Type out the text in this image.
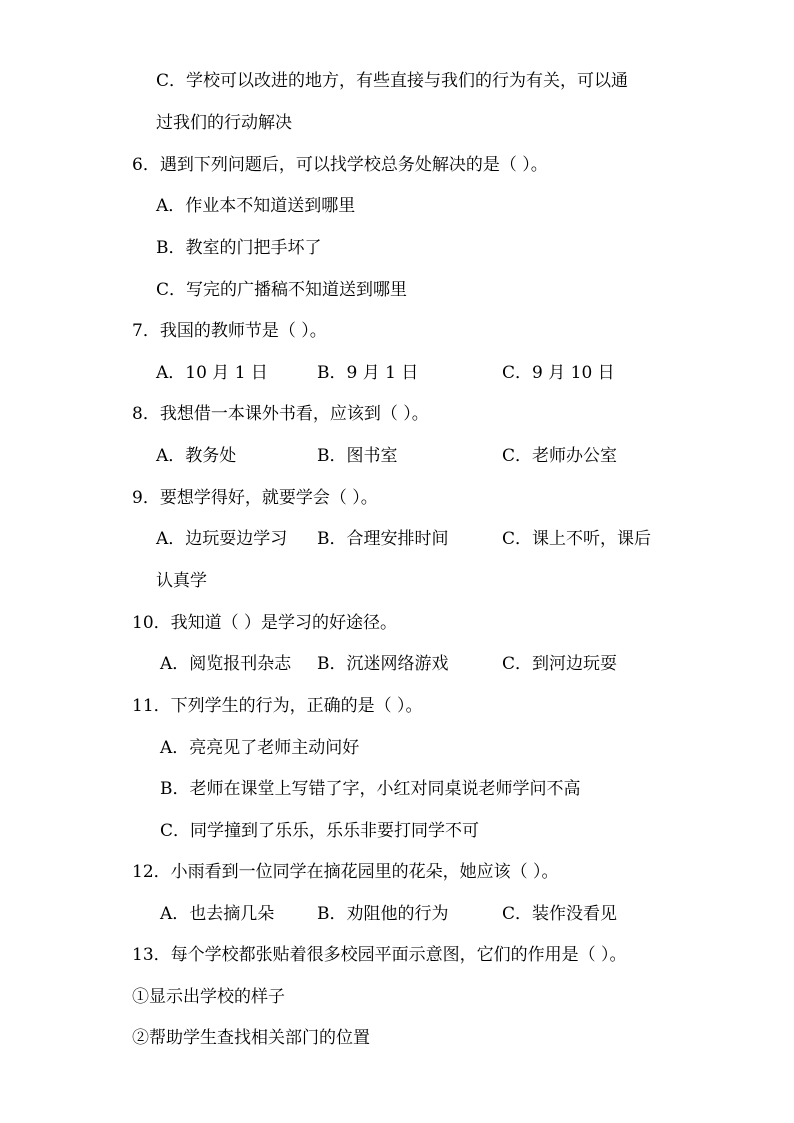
C．学校可以改进的地方，有些直接与我们的行为有关，可以通
过我们的行动解决
6．遇到下列问题后，可以找学校总务处解决的是（ ）。
A．作业本不知道送到哪里
B．教室的门把手坏了
C．写完的广播稿不知道送到哪里
7．我国的教师节是（ ）。
A．10 月 1 日	B．9 月 1 日	C．9 月 10 日
8．我想借一本课外书看，应该到（ ）。
A．教务处	B．图书室	C．老师办公室
9．要想学得好，就要学会（ ）。
A．边玩耍边学习 B．合理安排时间	C．课上不听，课后
认真学
10．我知道（ ）是学习的好途径。
A．阅览报刊杂志 B．沉迷网络游戏	C．到河边玩耍
11．下列学生的行为，正确的是（ ）。
A．亮亮见了老师主动问好
B．老师在课堂上写错了字，小红对同桌说老师学问不高
C．同学撞到了乐乐，乐乐非要打同学不可
12．小雨看到一位同学在摘花园里的花朵，她应该（ ）。
A．也去摘几朵	B．劝阻他的行为	C．装作没看见
13．每个学校都张贴着很多校园平面示意图，它们的作用是（ ）。
①显示出学校的样子
②帮助学生查找相关部门的位置
